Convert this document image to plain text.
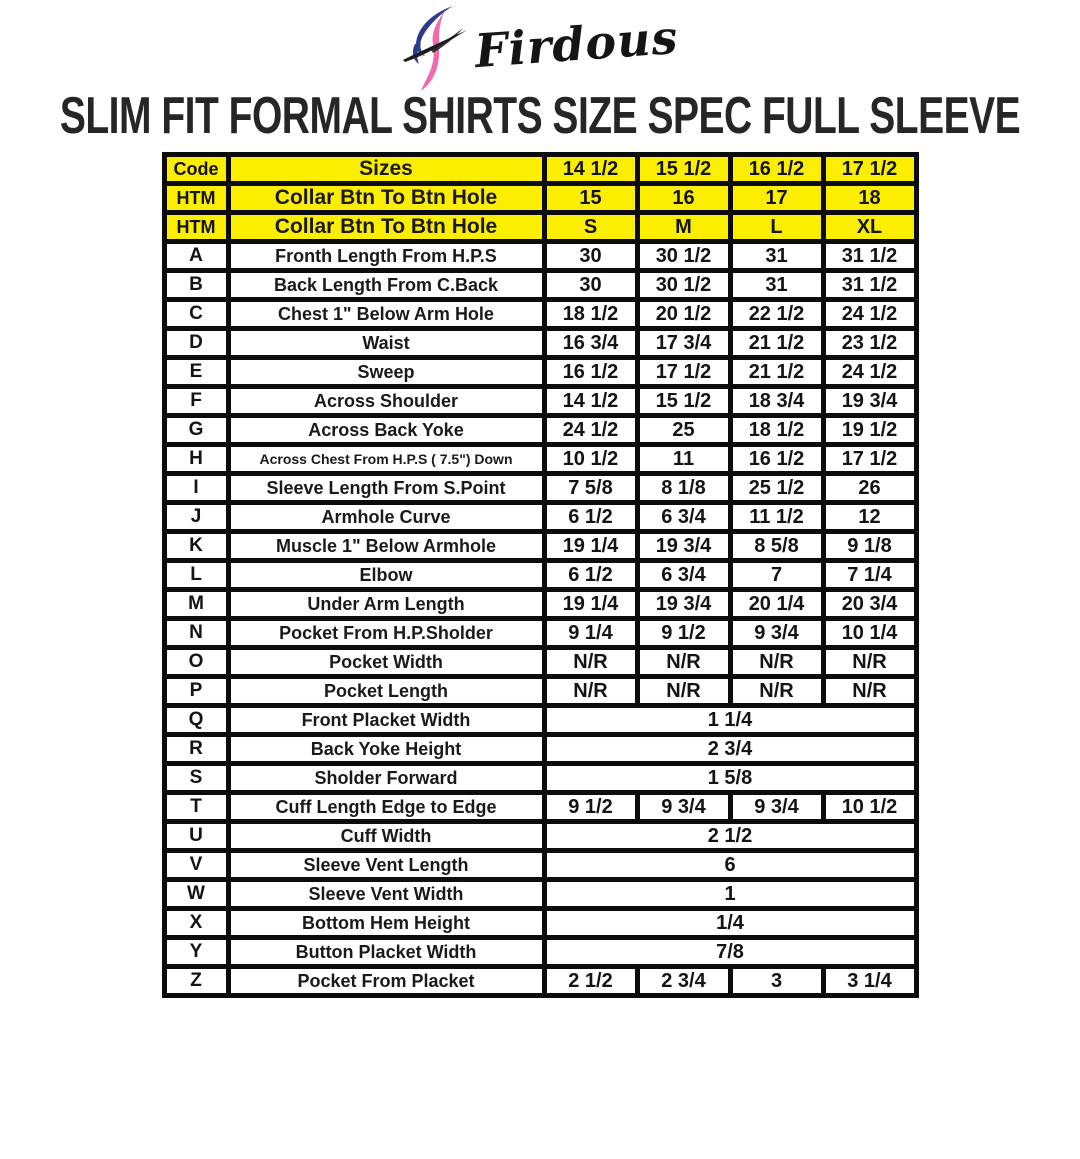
Firdous
SLIM FIT FORMAL SHIRTS SIZE SPEC FULL SLEEVE
Code	Sizes	14 1/2	15 1/2	16 1/2	17 1/2
HTM	Collar Btn To Btn Hole	15	16	17	18
HTM	Collar Btn To Btn Hole	S	M	L	XL
A	Fronth Length From H.P.S	30	30 1/2	31	31 1/2
B	Back Length From C.Back	30	30 1/2	31	31 1/2
C	Chest 1" Below Arm Hole	18 1/2	20 1/2	22 1/2	24 1/2
D	Waist	16 3/4	17 3/4	21 1/2	23 1/2
E	Sweep	16 1/2	17 1/2	21 1/2	24 1/2
F	Across Shoulder	14 1/2	15 1/2	18 3/4	19 3/4
G	Across Back Yoke	24 1/2	25	18 1/2	19 1/2
H	Across Chest From H.P.S ( 7.5") Down	10 1/2	11	16 1/2	17 1/2
I	Sleeve Length From S.Point	7 5/8	8 1/8	25 1/2	26
J	Armhole Curve	6 1/2	6 3/4	11 1/2	12
K	Muscle 1" Below Armhole	19 1/4	19 3/4	8 5/8	9 1/8
L	Elbow	6 1/2	6 3/4	7	7 1/4
M	Under Arm Length	19 1/4	19 3/4	20 1/4	20 3/4
N	Pocket From H.P.Sholder	9 1/4	9 1/2	9 3/4	10 1/4
O	Pocket Width	N/R	N/R	N/R	N/R
P	Pocket Length	N/R	N/R	N/R	N/R
Q	Front Placket Width	1 1/4			
R	Back Yoke Height	2 3/4			
S	Sholder Forward	1 5/8			
T	Cuff Length Edge to Edge	9 1/2	9 3/4	9 3/4	10 1/2
U	Cuff Width	2 1/2			
V	Sleeve Vent Length	6			
W	Sleeve Vent Width	1			
X	Bottom Hem Height	1/4			
Y	Button Placket Width	7/8			
Z	Pocket From Placket	2 1/2	2 3/4	3	3 1/4
